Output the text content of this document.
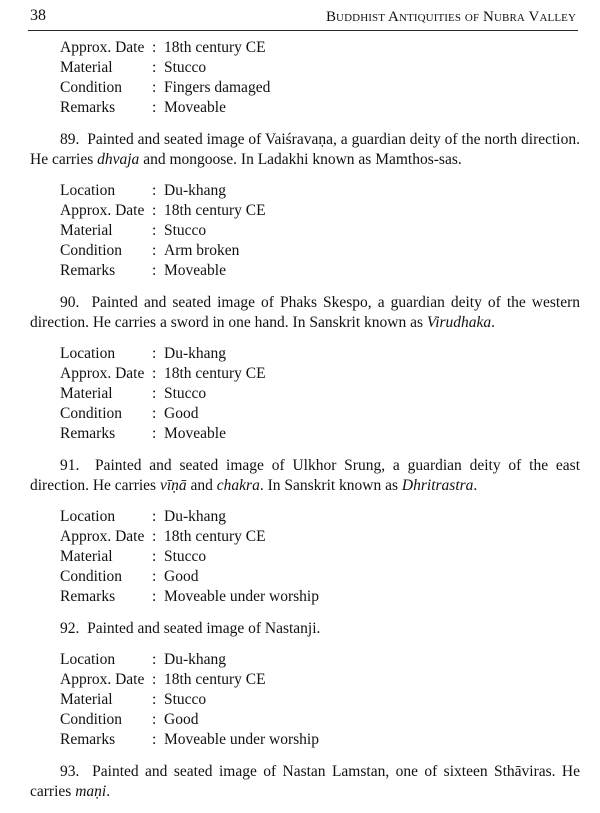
38	Buddhist Antiquities of Nubra Valley
Approx. Date : 18th century CE
Material	: Stucco
Condition	: Fingers damaged
Remarks	: Moveable

89. Painted and seated image of Vaiśravaṇa, a guardian deity of the north direction. He carries dhvaja and mongoose. In Ladakhi known as Mamthos-sas.

Location	: Du-khang
Approx. Date : 18th century CE
Material	: Stucco
Condition	: Arm broken
Remarks	: Moveable

90. Painted and seated image of Phaks Skespo, a guardian deity of the western direction. He carries a sword in one hand. In Sanskrit known as Virudhaka.

Location	: Du-khang
Approx. Date : 18th century CE
Material	: Stucco
Condition	: Good
Remarks	: Moveable

91. Painted and seated image of Ulkhor Srung, a guardian deity of the east direction. He carries vīṇā and chakra. In Sanskrit known as Dhritrastra.

Location	: Du-khang
Approx. Date : 18th century CE
Material	: Stucco
Condition	: Good
Remarks	: Moveable under worship

92. Painted and seated image of Nastanji.

Location	: Du-khang
Approx. Date : 18th century CE
Material	: Stucco
Condition	: Good
Remarks	: Moveable under worship

93. Painted and seated image of Nastan Lamstan, one of sixteen Sthāviras. He carries maṇi.
